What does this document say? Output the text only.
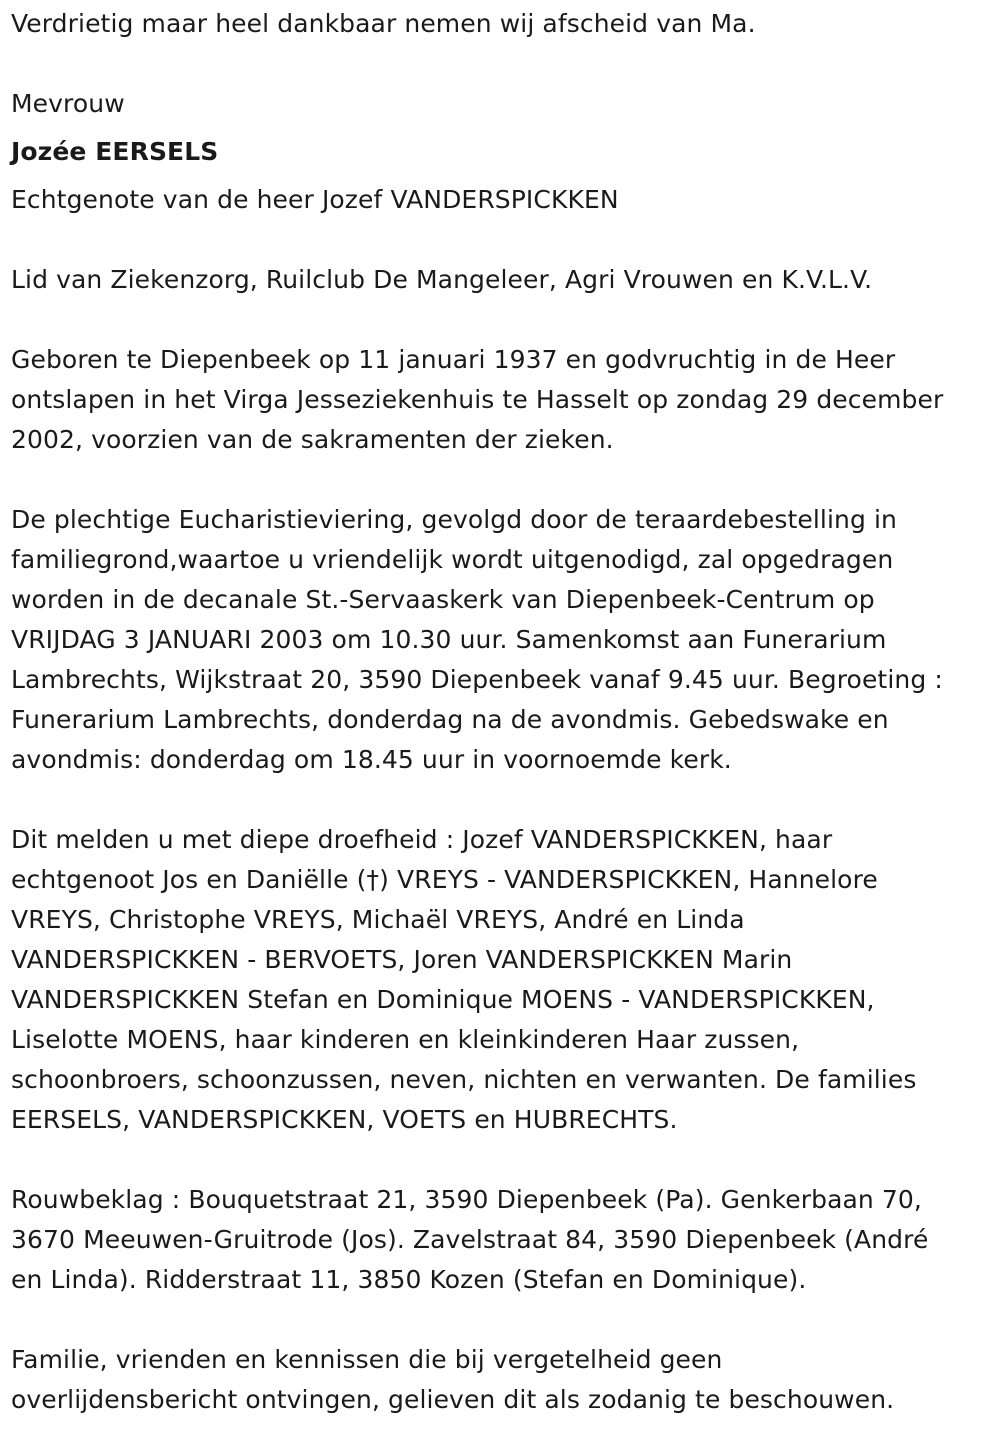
Verdrietig maar heel dankbaar nemen wij afscheid van Ma.
Mevrouw
Jozée EERSELS
Echtgenote van de heer Jozef VANDERSPICKKEN
Lid van Ziekenzorg, Ruilclub De Mangeleer, Agri Vrouwen en K.V.L.V.
Geboren te Diepenbeek op 11 januari 1937 en godvruchtig in de Heer
ontslapen in het Virga Jesseziekenhuis te Hasselt op zondag 29 december
2002, voorzien van de sakramenten der zieken.
De plechtige Eucharistieviering, gevolgd door de teraardebestelling in
familiegrond,waartoe u vriendelijk wordt uitgenodigd, zal opgedragen
worden in de decanale St.-Servaaskerk van Diepenbeek-Centrum op
VRIJDAG 3 JANUARI 2003 om 10.30 uur. Samenkomst aan Funerarium
Lambrechts, Wijkstraat 20, 3590 Diepenbeek vanaf 9.45 uur. Begroeting :
Funerarium Lambrechts, donderdag na de avondmis. Gebedswake en
avondmis: donderdag om 18.45 uur in voornoemde kerk.
Dit melden u met diepe droefheid : Jozef VANDERSPICKKEN, haar
echtgenoot Jos en Daniëlle (†) VREYS - VANDERSPICKKEN, Hannelore
VREYS, Christophe VREYS, Michaël VREYS, André en Linda
VANDERSPICKKEN - BERVOETS, Joren VANDERSPICKKEN Marin
VANDERSPICKKEN Stefan en Dominique MOENS - VANDERSPICKKEN,
Liselotte MOENS, haar kinderen en kleinkinderen Haar zussen,
schoonbroers, schoonzussen, neven, nichten en verwanten. De families
EERSELS, VANDERSPICKKEN, VOETS en HUBRECHTS.
Rouwbeklag : Bouquetstraat 21, 3590 Diepenbeek (Pa). Genkerbaan 70,
3670 Meeuwen-Gruitrode (Jos). Zavelstraat 84, 3590 Diepenbeek (André
en Linda). Ridderstraat 11, 3850 Kozen (Stefan en Dominique).
Familie, vrienden en kennissen die bij vergetelheid geen
overlijdensbericht ontvingen, gelieven dit als zodanig te beschouwen.
